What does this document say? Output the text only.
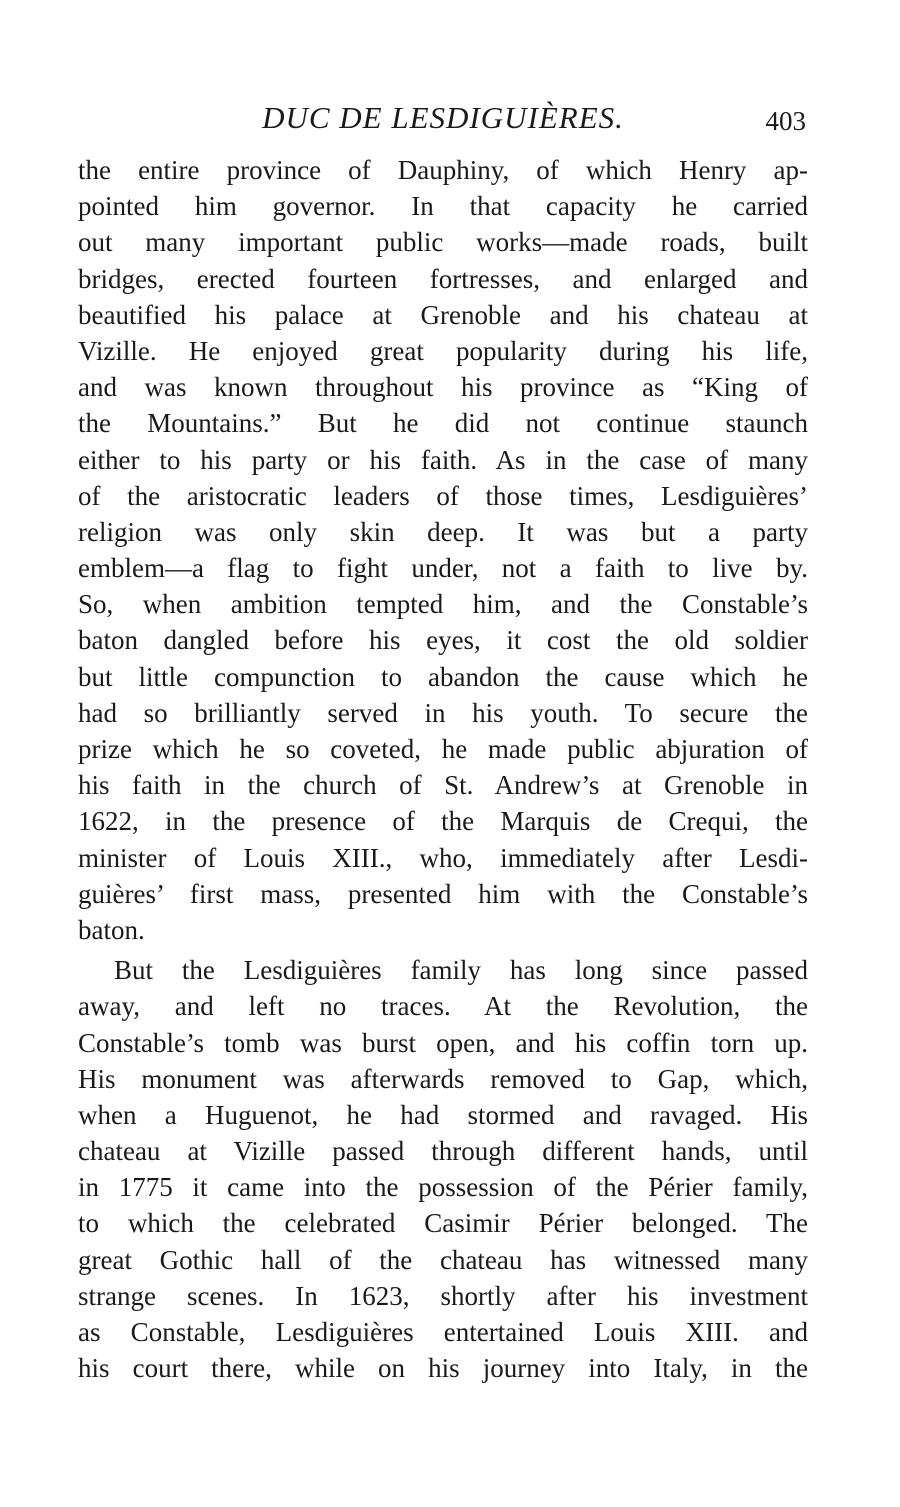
DUC DE LESDIGUIÈRES.	403
the entire province of Dauphiny, of which Henry ap-
pointed him governor. In that capacity he carried
out many important public works—made roads, built
bridges, erected fourteen fortresses, and enlarged and
beautified his palace at Grenoble and his chateau at
Vizille. He enjoyed great popularity during his life,
and was known throughout his province as “King of
the Mountains.” But he did not continue staunch
either to his party or his faith. As in the case of many
of the aristocratic leaders of those times, Lesdiguières’
religion was only skin deep. It was but a party
emblem—a flag to fight under, not a faith to live by.
So, when ambition tempted him, and the Constable’s
baton dangled before his eyes, it cost the old soldier
but little compunction to abandon the cause which he
had so brilliantly served in his youth. To secure the
prize which he so coveted, he made public abjuration of
his faith in the church of St. Andrew’s at Grenoble in
1622, in the presence of the Marquis de Crequi, the
minister of Louis XIII., who, immediately after Lesdi-
guières’ first mass, presented him with the Constable’s
baton.
But the Lesdiguières family has long since passed
away, and left no traces. At the Revolution, the
Constable’s tomb was burst open, and his coffin torn up.
His monument was afterwards removed to Gap, which,
when a Huguenot, he had stormed and ravaged. His
chateau at Vizille passed through different hands, until
in 1775 it came into the possession of the Périer family,
to which the celebrated Casimir Périer belonged. The
great Gothic hall of the chateau has witnessed many
strange scenes. In 1623, shortly after his investment
as Constable, Lesdiguières entertained Louis XIII. and
his court there, while on his journey into Italy, in the
